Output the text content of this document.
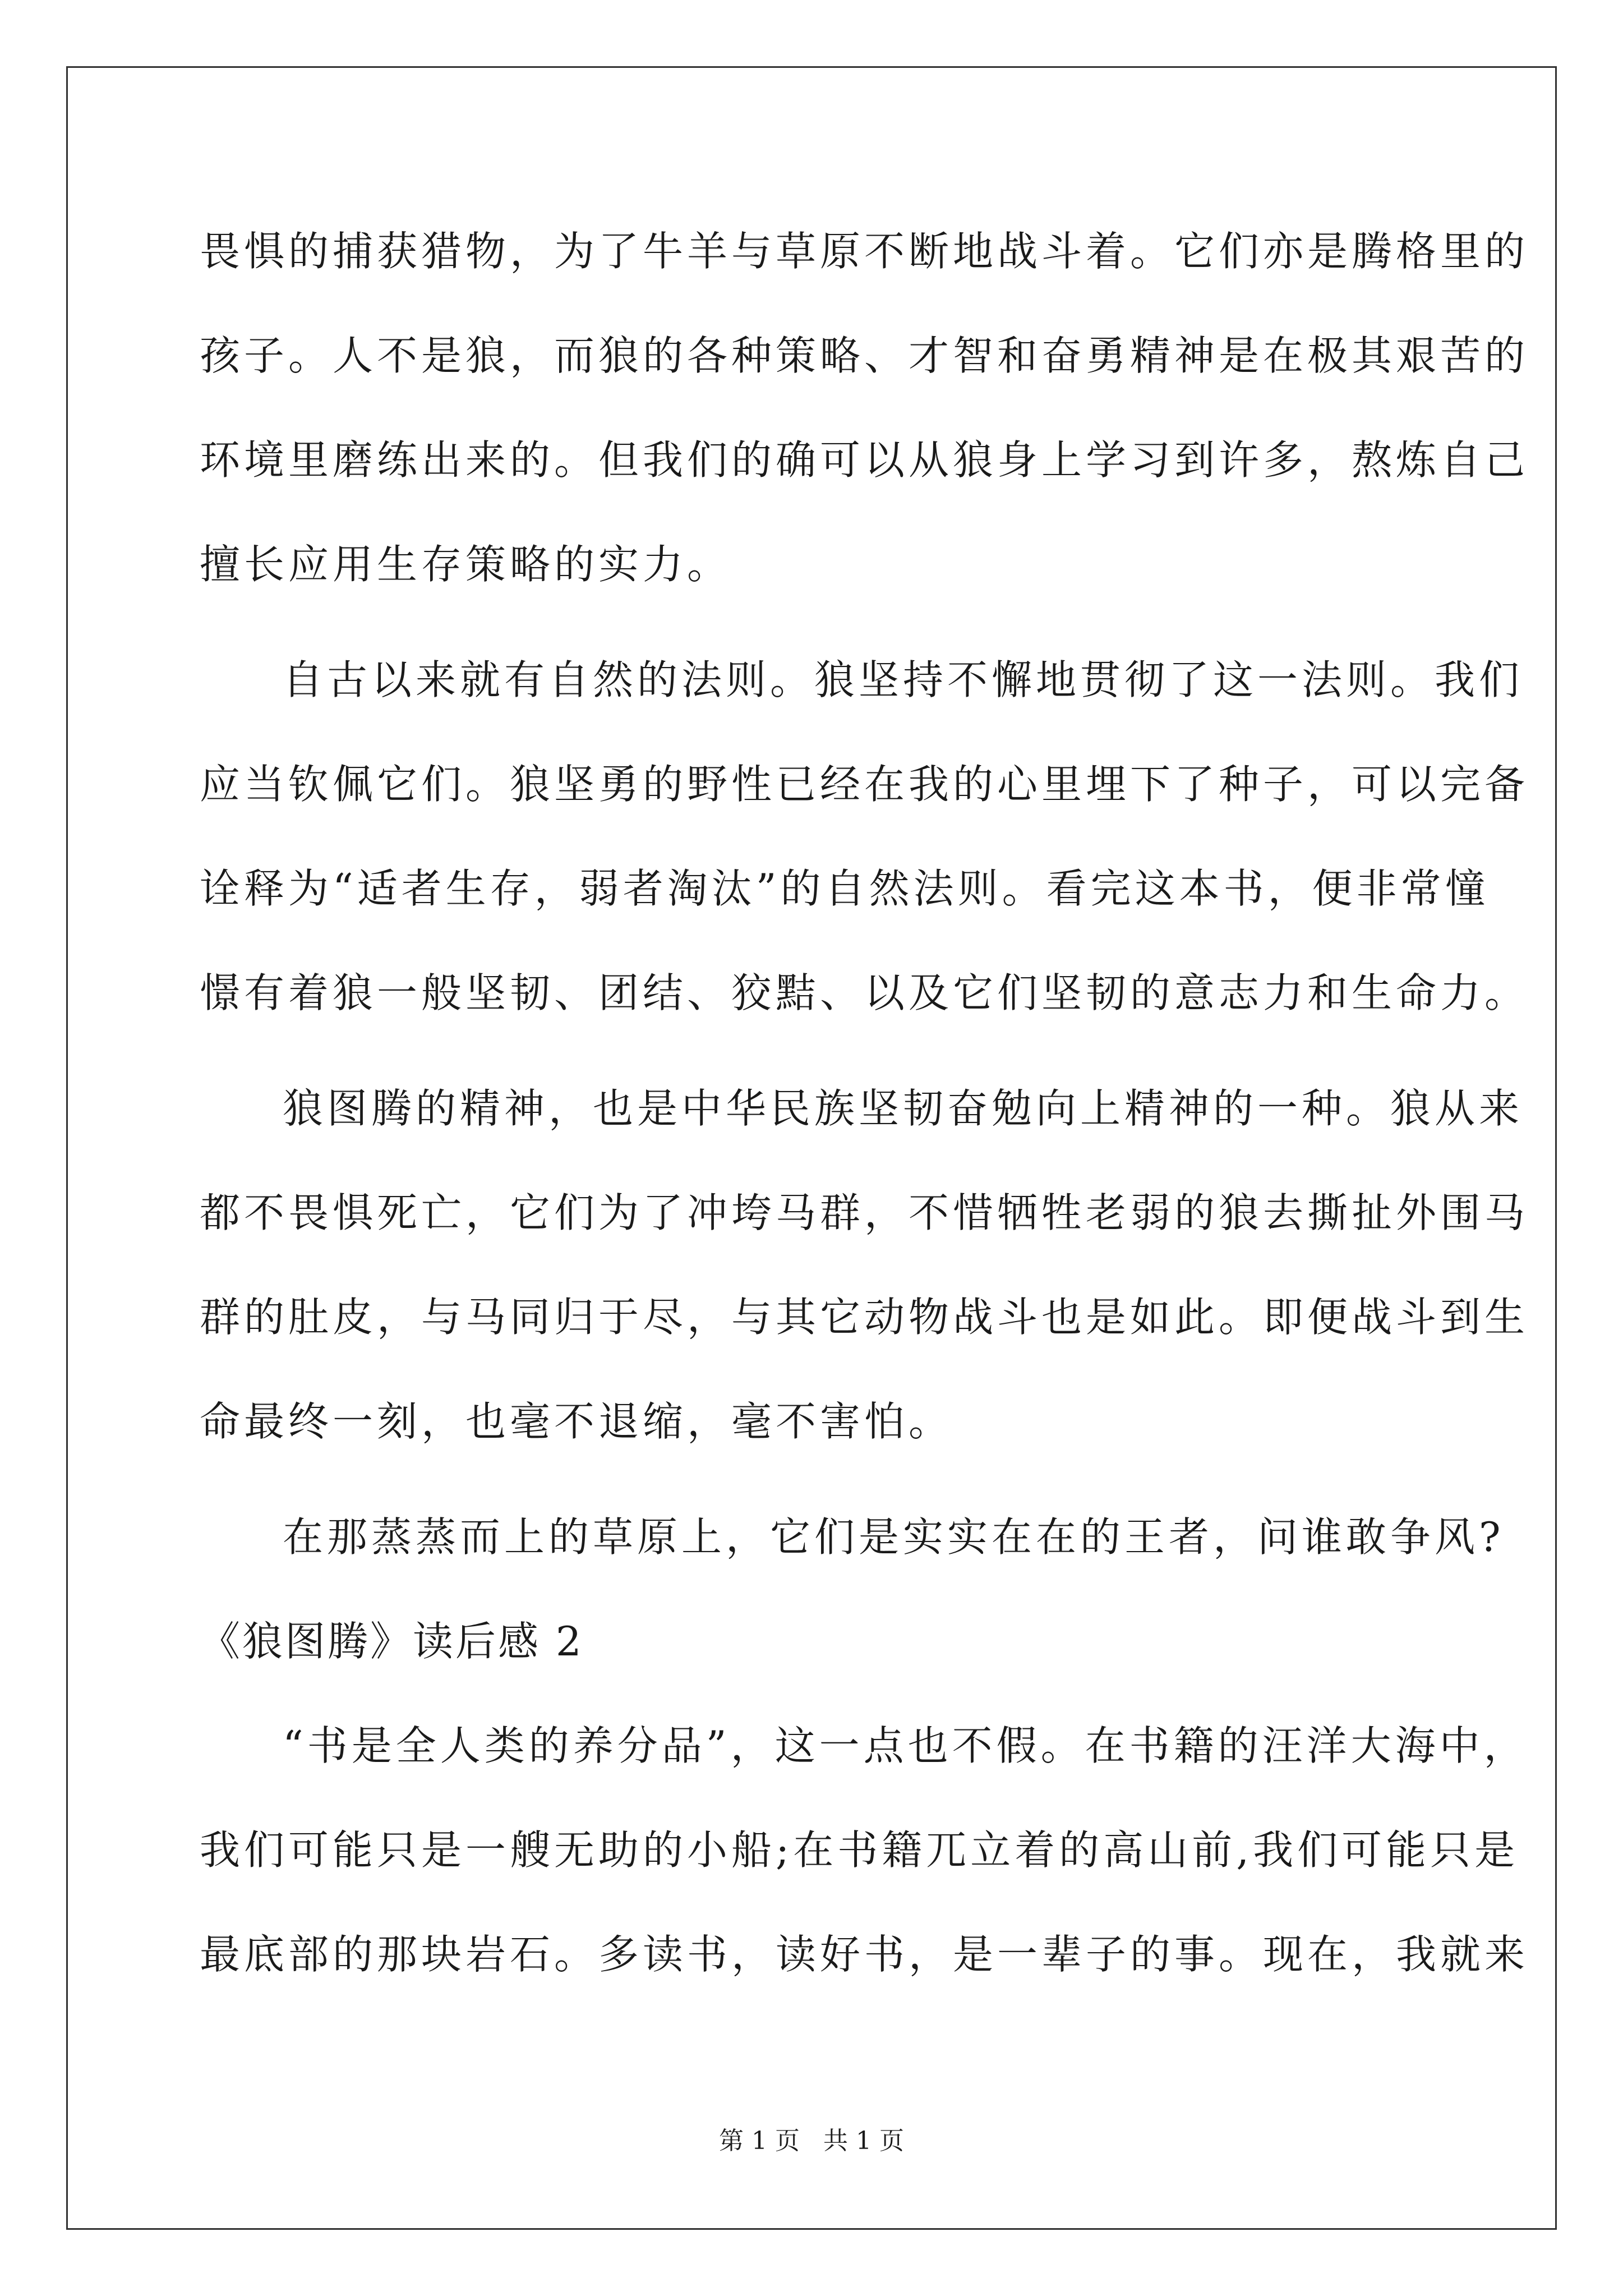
畏惧的捕获猎物，为了牛羊与草原不断地战斗着。它们亦是腾格里的
孩子。人不是狼，而狼的各种策略、才智和奋勇精神是在极其艰苦的
环境里磨练出来的。但我们的确可以从狼身上学习到许多，熬炼自己
擅长应用生存策略的实力。
自古以来就有自然的法则。狼坚持不懈地贯彻了这一法则。我们
应当钦佩它们。狼坚勇的野性已经在我的心里埋下了种子，可以完备
诠释为“适者生存，弱者淘汰”的自然法则。看完这本书，便非常憧
憬有着狼一般坚韧、团结、狡黠、以及它们坚韧的意志力和生命力。
狼图腾的精神，也是中华民族坚韧奋勉向上精神的一种。狼从来
都不畏惧死亡，它们为了冲垮马群，不惜牺牲老弱的狼去撕扯外围马
群的肚皮，与马同归于尽，与其它动物战斗也是如此。即便战斗到生
命最终一刻，也毫不退缩，毫不害怕。
在那蒸蒸而上的草原上，它们是实实在在的王者，问谁敢争风?
《狼图腾》读后感 2
“书是全人类的养分品”，这一点也不假。在书籍的汪洋大海中，
我们可能只是一艘无助的小船;在书籍兀立着的高山前,我们可能只是
最底部的那块岩石。多读书，读好书，是一辈子的事。现在，我就来
第 1 页 共 1 页
